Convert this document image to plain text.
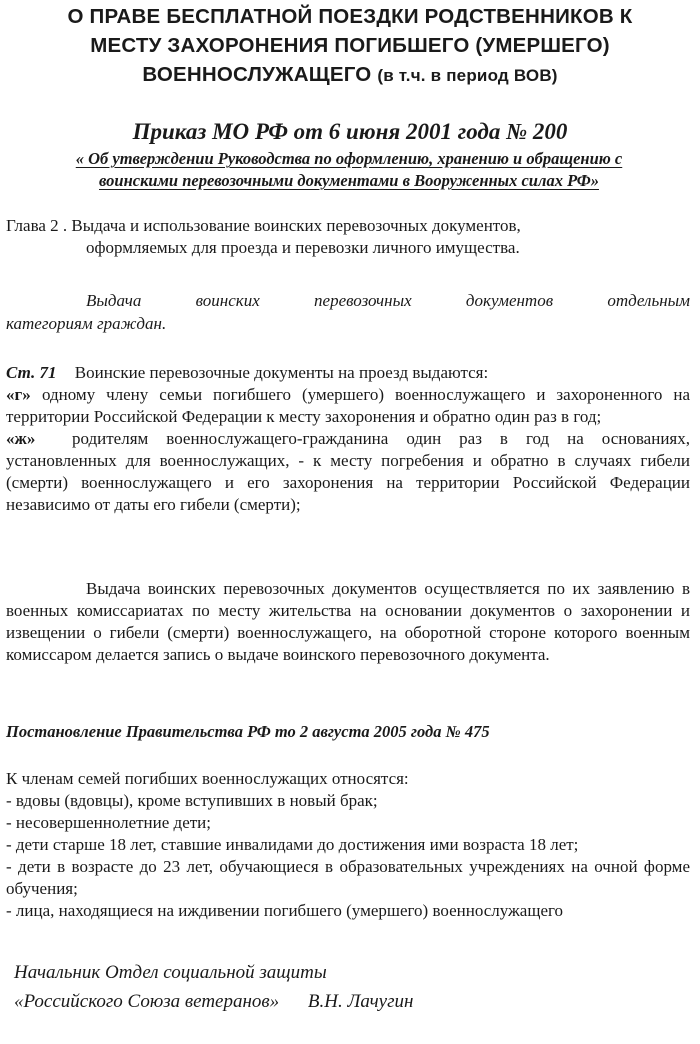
О ПРАВЕ БЕСПЛАТНОЙ ПОЕЗДКИ РОДСТВЕННИКОВ К
МЕСТУ ЗАХОРОНЕНИЯ ПОГИБШЕГО (УМЕРШЕГО)
ВОЕННОСЛУЖАЩЕГО (в т.ч. в период ВОВ)
Приказ МО РФ от 6 июня 2001 года № 200
« Об утверждении Руководства по оформлению, хранению и обращению с
воинскими перевозочными документами в Вооруженных силах РФ»
Глава 2 . Выдача и использование воинских перевозочных документов,
оформляемых для проезда и перевозки личного имущества.
Выдача воинских перевозочных документов отдельным
категориям граждан.
Ст. 71 Воинские перевозочные документы на проезд выдаются:
«г» одному члену семьи погибшего (умершего) военнослужащего и захороненного на территории Российской Федерации к месту захоронения и обратно один раз в год;
«ж» родителям военнослужащего-гражданина один раз в год на основаниях, установленных для военнослужащих, - к месту погребения и обратно в случаях гибели (смерти) военнослужащего и его захоронения на территории Российской Федерации независимо от даты его гибели (смерти);
Выдача воинских перевозочных документов осуществляется по их заявлению в военных комиссариатах по месту жительства на основании документов о захоронении и извещении о гибели (смерти) военнослужащего, на оборотной стороне которого военным комиссаром делается запись о выдаче воинского перевозочного документа.
Постановление Правительства РФ то 2 августа 2005 года № 475
К членам семей погибших военнослужащих относятся:
- вдовы (вдовцы), кроме вступивших в новый брак;
- несовершеннолетние дети;
- дети старше 18 лет, ставшие инвалидами до достижения ими возраста 18 лет;
- дети в возрасте до 23 лет, обучающиеся в образовательных учреждениях на очной форме обучения;
- лица, находящиеся на иждивении погибшего (умершего) военнослужащего
Начальник Отдел социальной защиты
«Российского Союза ветеранов» В.Н. Лачугин
